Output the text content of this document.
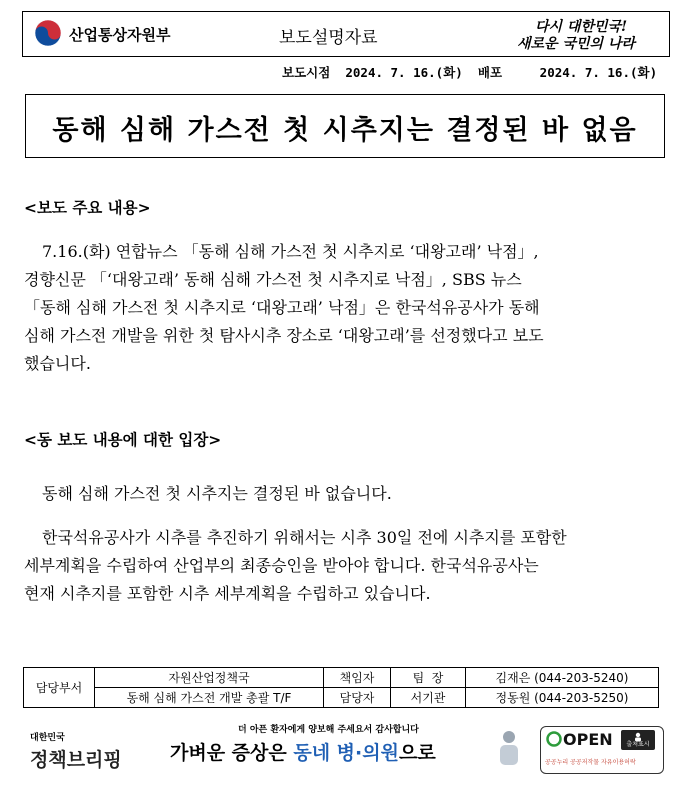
산업통상자원부	보도설명자료
다시 대한민국!
새로운 국민의 나라
보도시점 2024. 7. 16.(화) 배포	2024. 7. 16.(화)
동해 심해 가스전 첫 시추지는 결정된 바 없음
<보도 주요 내용>
7.16.(화) 연합뉴스 「동해 심해 가스전 첫 시추지로 ‘대왕고래’ 낙점」,
경향신문 「‘대왕고래’ 동해 심해 가스전 첫 시추지로 낙점」, SBS 뉴스
「동해 심해 가스전 첫 시추지로 ‘대왕고래’ 낙점」은 한국석유공사가 동해
심해 가스전 개발을 위한 첫 탐사시추 장소로 ‘대왕고래’를 선정했다고 보도
했습니다.
<동 보도 내용에 대한 입장>
동해 심해 가스전 첫 시추지는 결정된 바 없습니다.
한국석유공사가 시추를 추진하기 위해서는 시추 30일 전에 시추지를 포함한
세부계획을 수립하여 산업부의 최종승인을 받아야 합니다. 한국석유공사는
현재 시추지를 포함한 시추 세부계획을 수립하고 있습니다.
담당부서	자원산업정책국	책임자	팀  장	김재은 (044-203-5240)
	동해 심해 가스전 개발 총괄 T/F	담당자	서기관	정동원 (044-203-5250)
대한민국
정책브리핑
더 아픈 환자에게 양보해 주세요서 감사합니다
가벼운 증상은 동네 병·의원으로
OPEN	출처표시
공공누리 공공저작물 자유이용허락
